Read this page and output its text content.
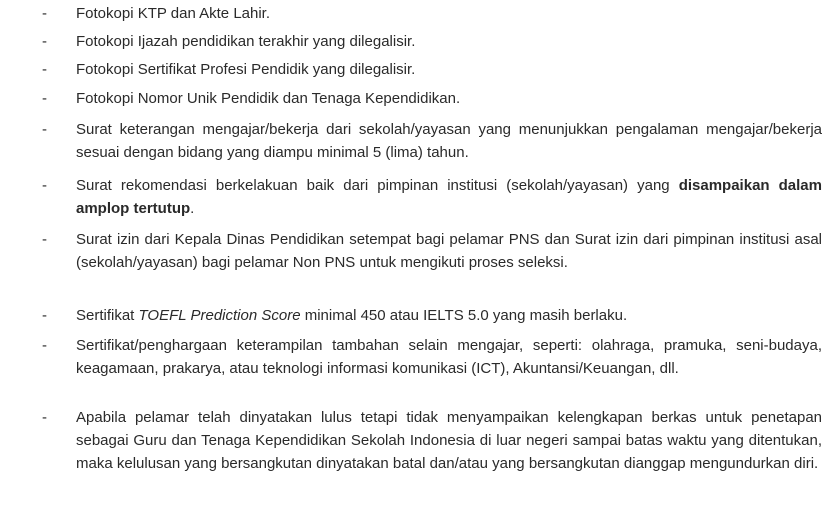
- Fotokopi KTP dan Akte Lahir.
- Fotokopi Ijazah pendidikan terakhir yang dilegalisir.
- Fotokopi Sertifikat Profesi Pendidik yang dilegalisir.
- Fotokopi Nomor Unik Pendidik dan Tenaga Kependidikan.
- Surat keterangan mengajar/bekerja dari sekolah/yayasan yang menunjukkan pengalaman mengajar/bekerja sesuai dengan bidang yang diampu minimal 5 (lima) tahun.
- Surat rekomendasi berkelakuan baik dari pimpinan institusi (sekolah/yayasan) yang disampaikan dalam amplop tertutup.
- Surat izin dari Kepala Dinas Pendidikan setempat bagi pelamar PNS dan Surat izin dari pimpinan institusi asal (sekolah/yayasan) bagi pelamar Non PNS untuk mengikuti proses seleksi.
- Sertifikat TOEFL Prediction Score minimal 450 atau IELTS 5.0 yang masih berlaku.
- Sertifikat/penghargaan keterampilan tambahan selain mengajar, seperti: olahraga, pramuka, seni-budaya, keagamaan, prakarya, atau teknologi informasi komunikasi (ICT), Akuntansi/Keuangan, dll.
- Apabila pelamar telah dinyatakan lulus tetapi tidak menyampaikan kelengkapan berkas untuk penetapan sebagai Guru dan Tenaga Kependidikan Sekolah Indonesia di luar negeri sampai batas waktu yang ditentukan, maka kelulusan yang bersangkutan dinyatakan batal dan/atau yang bersangkutan dianggap mengundurkan diri.
